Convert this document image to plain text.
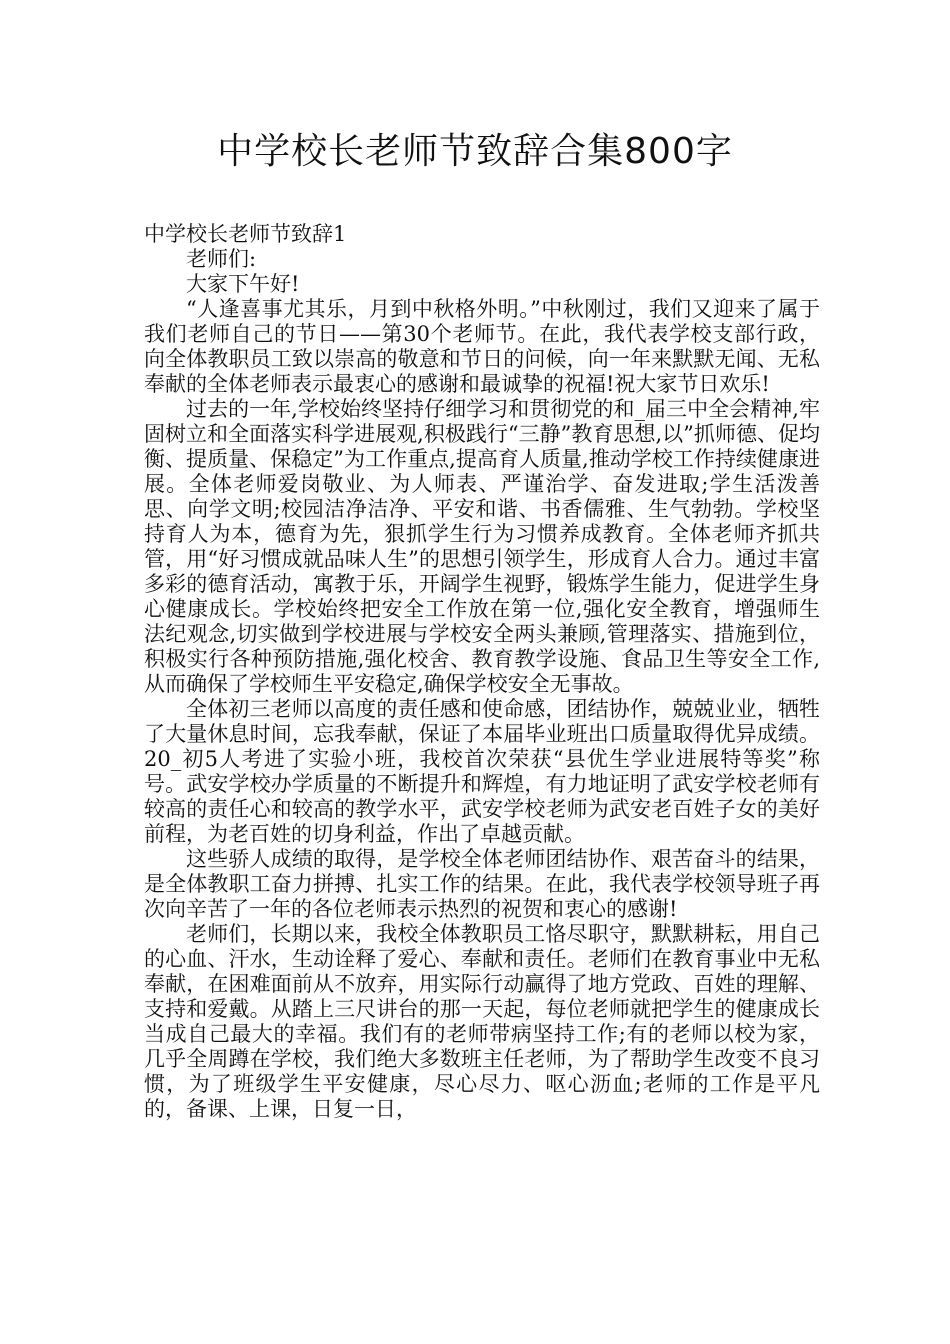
中学校长老师节致辞合集800字
中学校长老师节致辞1

老师们:

大家下午好!

“人逢喜事尤其乐，月到中秋格外明。”中秋刚过，我们又迎来了属于我们老师自己的节日——第30个老师节。在此，我代表学校支部行政，向全体教职员工致以崇高的敬意和节日的问候，向一年来默默无闻、无私奉献的全体老师表示最衷心的感谢和最诚挚的祝福!祝大家节日欢乐!

过去的一年,学校始终坚持仔细学习和贯彻党的和_届三中全会精神,牢固树立和全面落实科学进展观,积极践行“三静”教育思想,以”抓师德、促均衡、提质量、保稳定”为工作重点,提高育人质量,推动学校工作持续健康进展。全体老师爱岗敬业、为人师表、严谨治学、奋发进取;学生活泼善思、向学文明;校园洁净洁净、平安和谐、书香儒雅、生气勃勃。学校坚持育人为本，德育为先，狠抓学生行为习惯养成教育。全体老师齐抓共管，用“好习惯成就品味人生”的思想引领学生，形成育人合力。通过丰富多彩的德育活动，寓教于乐，开阔学生视野，锻炼学生能力，促进学生身心健康成长。学校始终把安全工作放在第一位,强化安全教育，增强师生法纪观念,切实做到学校进展与学校安全两头兼顾,管理落实、措施到位，积极实行各种预防措施,强化校舍、教育教学设施、食品卫生等安全工作,从而确保了学校师生平安稳定,确保学校安全无事故。

全体初三老师以高度的责任感和使命感，团结协作，兢兢业业，牺牲了大量休息时间，忘我奉献，保证了本届毕业班出口质量取得优异成绩。20_初5人考进了实验小班，我校首次荣获“县优生学业进展特等奖”称号。武安学校办学质量的不断提升和辉煌，有力地证明了武安学校老师有较高的责任心和较高的教学水平，武安学校老师为武安老百姓子女的美好前程，为老百姓的切身利益，作出了卓越贡献。

这些骄人成绩的取得，是学校全体老师团结协作、艰苦奋斗的结果，是全体教职工奋力拼搏、扎实工作的结果。在此，我代表学校领导班子再次向辛苦了一年的各位老师表示热烈的祝贺和衷心的感谢!

老师们，长期以来，我校全体教职员工恪尽职守，默默耕耘，用自己的心血、汗水，生动诠释了爱心、奉献和责任。老师们在教育事业中无私奉献，在困难面前从不放弃，用实际行动赢得了地方党政、百姓的理解、支持和爱戴。从踏上三尺讲台的那一天起，每位老师就把学生的健康成长当成自己最大的幸福。我们有的老师带病坚持工作;有的老师以校为家，几乎全周蹲在学校，我们绝大多数班主任老师，为了帮助学生改变不良习惯，为了班级学生平安健康，尽心尽力、呕心沥血;老师的工作是平凡的，备课、上课，日复一日，
